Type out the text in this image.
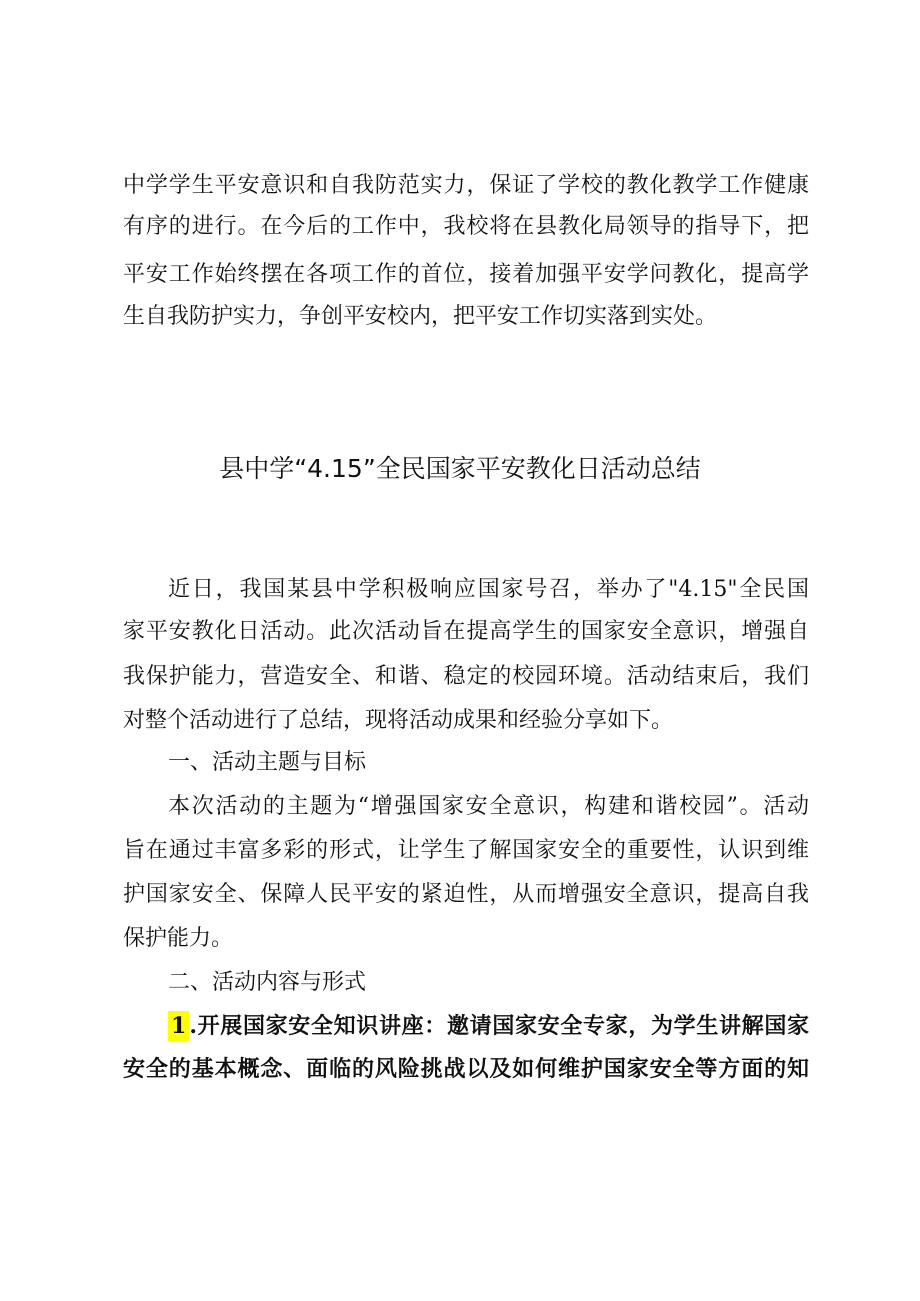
中学学生平安意识和自我防范实力，保证了学校的教化教学工作健康
有序的进行。在今后的工作中，我校将在县教化局领导的指导下，把
平安工作始终摆在各项工作的首位，接着加强平安学问教化，提高学
生自我防护实力，争创平安校内，把平安工作切实落到实处。
县中学“4.15”全民国家平安教化日活动总结
近日，我国某县中学积极响应国家号召，举办了"4.15"全民国
家平安教化日活动。此次活动旨在提高学生的国家安全意识，增强自
我保护能力，营造安全、和谐、稳定的校园环境。活动结束后，我们
对整个活动进行了总结，现将活动成果和经验分享如下。
一、活动主题与目标
本次活动的主题为“增强国家安全意识，构建和谐校园”。活动
旨在通过丰富多彩的形式，让学生了解国家安全的重要性，认识到维
护国家安全、保障人民平安的紧迫性，从而增强安全意识，提高自我
保护能力。
二、活动内容与形式
1 .开展国家安全知识讲座：邀请国家安全专家，为学生讲解国家
安全的基本概念、面临的风险挑战以及如何维护国家安全等方面的知
